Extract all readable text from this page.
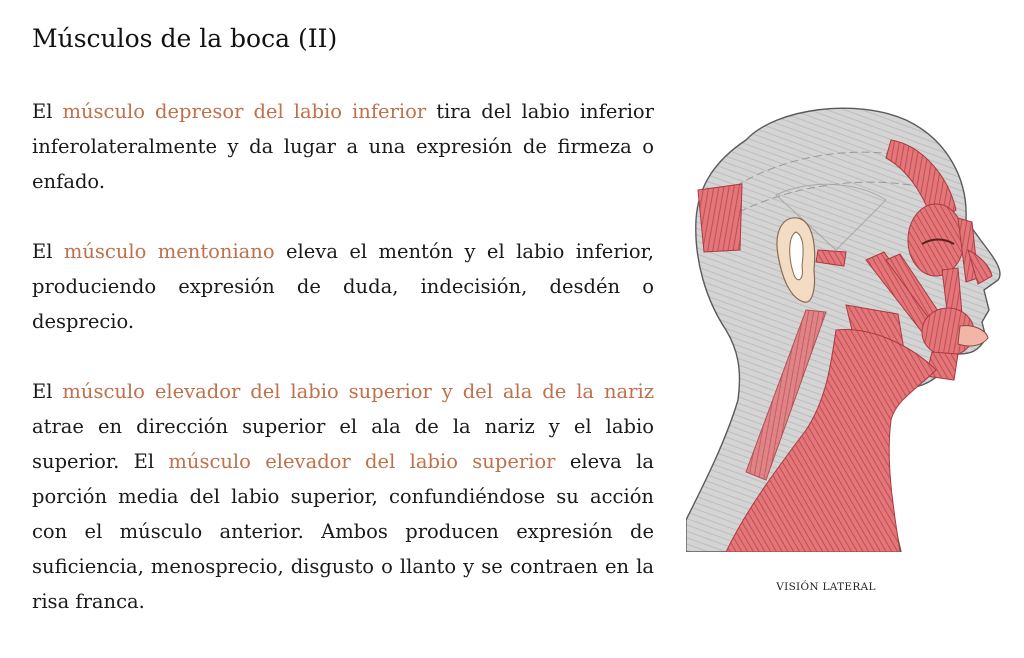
Músculos de la boca (II)

El músculo depresor del labio inferior tira del labio inferior inferolateralmente y da lugar a una expresión de firmeza o enfado.

El músculo mentoniano eleva el mentón y el labio inferior, produciendo expresión de duda, indecisión, desdén o desprecio.

El músculo elevador del labio superior y del ala de la nariz atrae en dirección superior el ala de la nariz y el labio superior. El músculo elevador del labio superior eleva la porción media del labio superior, confundiéndose su acción con el músculo anterior. Ambos producen expresión de suficiencia, menosprecio, disgusto o llanto y se contraen en la risa franca.

VISIÓN LATERAL
